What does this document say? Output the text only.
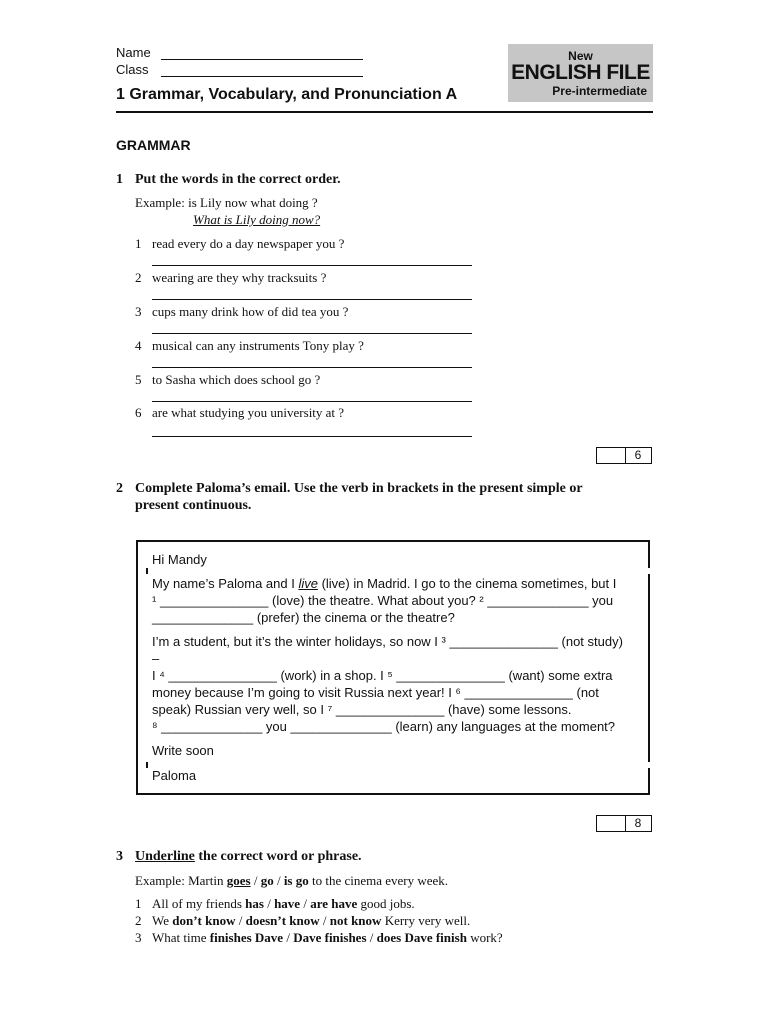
Name
Class
1 Grammar, Vocabulary, and Pronunciation A
New
ENGLISH FILE
Pre-intermediate
GRAMMAR
1 Put the words in the correct order.
Example: is Lily now what doing ?
What is Lily doing now?
1 read every do a day newspaper you ?
2 wearing are they why tracksuits ?
3 cups many drink how of did tea you ?
4 musical can any instruments Tony play ?
5 to Sasha which does school go ?
6 are what studying you university at ?
6
2 Complete Paloma’s email. Use the verb in brackets in the present simple or
present continuous.
Hi Mandy
My name’s Paloma and I live (live) in Madrid. I go to the cinema sometimes, but I
¹ _______________ (love) the theatre. What about you? ² ______________ you
______________ (prefer) the cinema or the theatre?
I’m a student, but it’s the winter holidays, so now I ³ _______________ (not study) –
I ⁴ _______________ (work) in a shop. I ⁵ _______________ (want) some extra
money because I’m going to visit Russia next year! I ⁶ _______________ (not
speak) Russian very well, so I ⁷ _______________ (have) some lessons.
⁸ ______________ you ______________ (learn) any languages at the moment?
Write soon
Paloma
8
3 Underline the correct word or phrase.
Example: Martin goes / go / is go to the cinema every week.
1 All of my friends has / have / are have good jobs.
2 We don’t know / doesn’t know / not know Kerry very well.
3 What time finishes Dave / Dave finishes / does Dave finish work?
